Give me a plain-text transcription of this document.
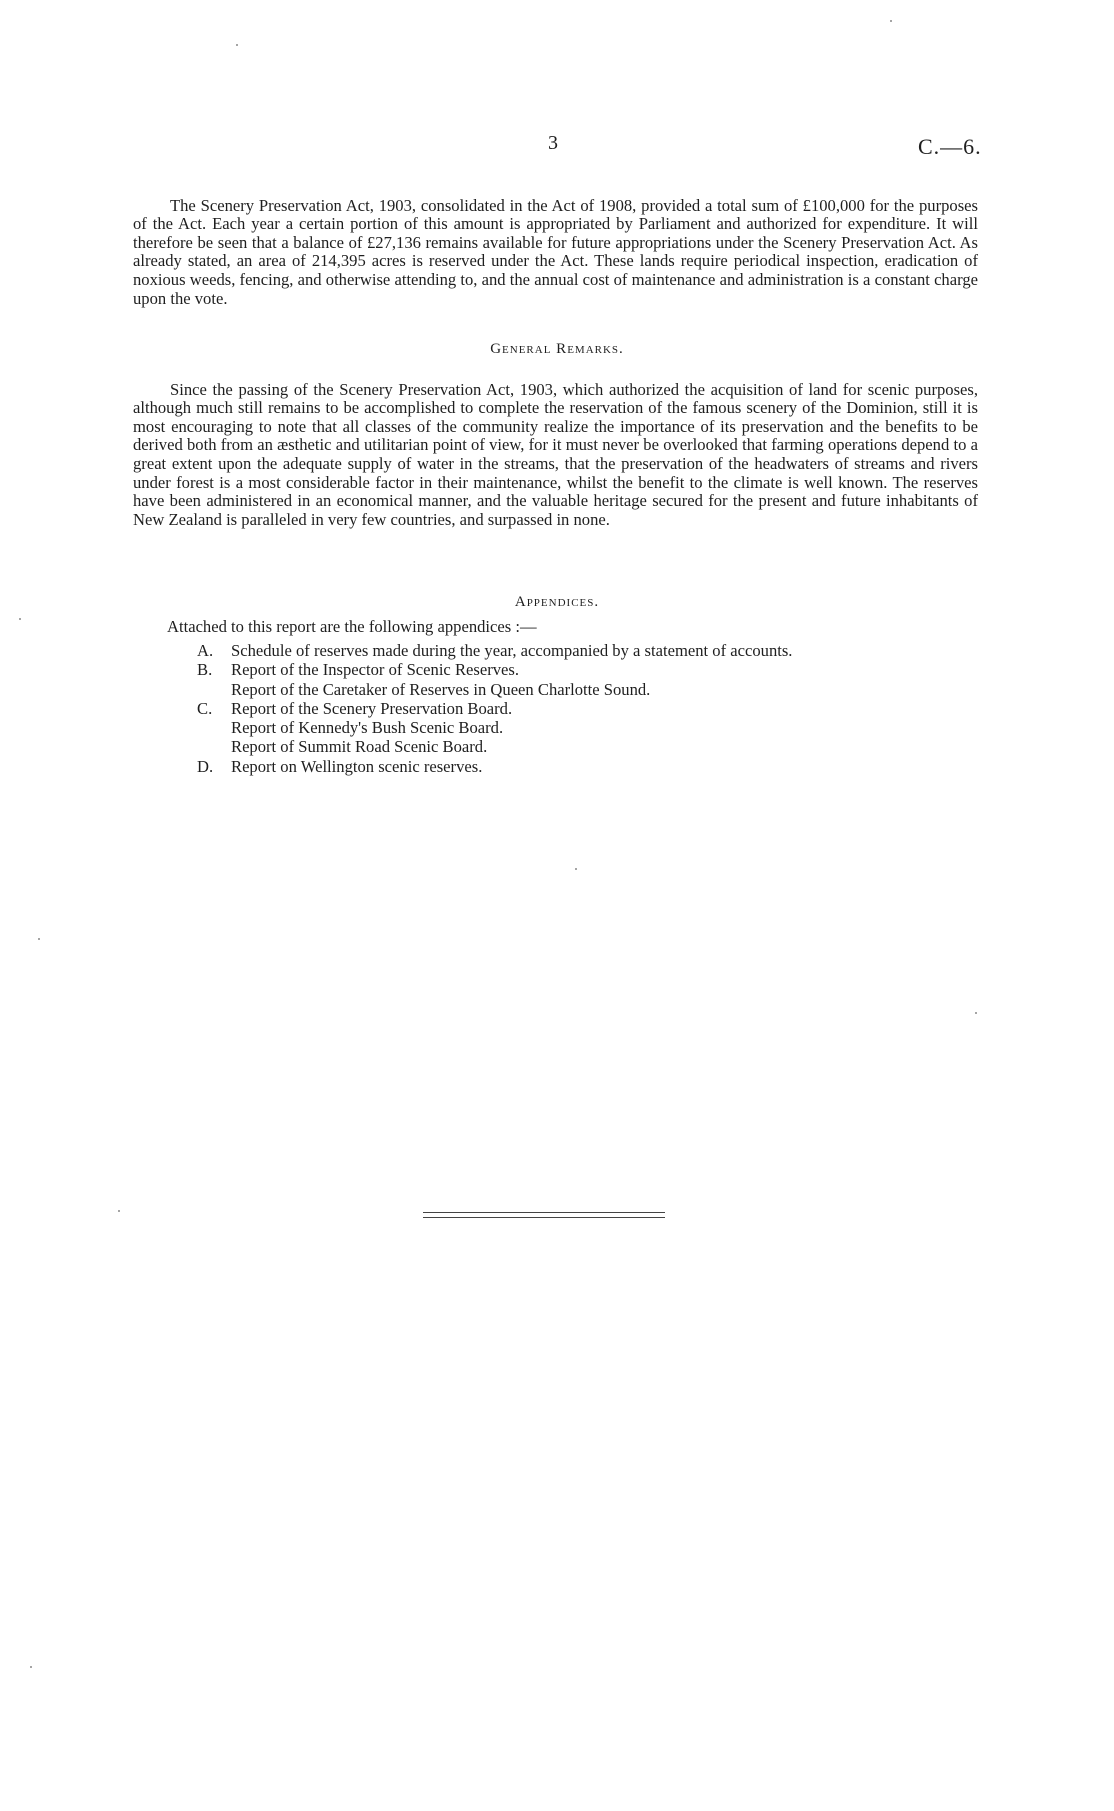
3	C.—6.

The Scenery Preservation Act, 1903, consolidated in the Act of 1908, provided a total sum of £100,000 for the purposes of the Act. Each year a certain portion of this amount is appropriated by Parliament and authorized for expenditure. It will therefore be seen that a balance of £27,136 remains available for future appropriations under the Scenery Preservation Act. As already stated, an area of 214,395 acres is reserved under the Act. These lands require periodical inspection, eradication of noxious weeds, fencing, and otherwise attending to, and the annual cost of maintenance and administration is a constant charge upon the vote.

General Remarks.

Since the passing of the Scenery Preservation Act, 1903, which authorized the acquisition of land for scenic purposes, although much still remains to be accomplished to complete the reservation of the famous scenery of the Dominion, still it is most encouraging to note that all classes of the community realize the importance of its preservation and the benefits to be derived both from an æsthetic and utilitarian point of view, for it must never be overlooked that farming operations depend to a great extent upon the adequate supply of water in the streams, that the preservation of the headwaters of streams and rivers under forest is a most considerable factor in their maintenance, whilst the benefit to the climate is well known. The reserves have been administered in an economical manner, and the valuable heritage secured for the present and future inhabitants of New Zealand is paralleled in very few countries, and surpassed in none.

Appendices.
Attached to this report are the following appendices :—
A.	Schedule of reserves made during the year, accompanied by a statement of accounts.
B.	Report of the Inspector of Scenic Reserves.
Report of the Caretaker of Reserves in Queen Charlotte Sound.
C.	Report of the Scenery Preservation Board.
Report of Kennedy's Bush Scenic Board.
Report of Summit Road Scenic Board.
D.	Report on Wellington scenic reserves.
